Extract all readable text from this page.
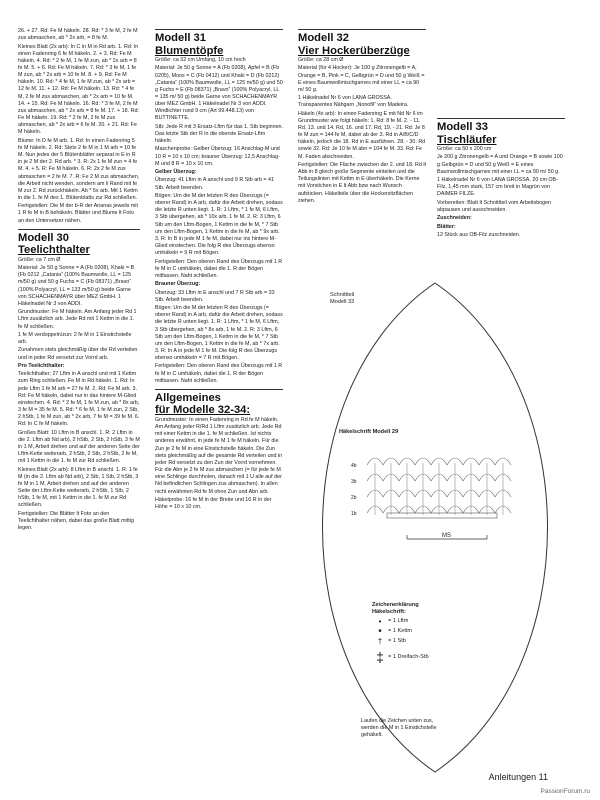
26. + 27. Rd: Fe M häkeln. 28. Rd: * 3 fe M, 2 fe M zus abmaschen, ab * 2x arb, = 8 fe M.

Kleines Blatt (2x arb): In C in M in Rd arb. 1. Rd: In einen Fadenring 6 fe M häkeln. 2. + 3. Rd: Fe M häkeln. 4. Rd: * 2 fe M, 1 fe M zun, ab * 2x arb = 8 fe M. 5. + 6. Rd: Fe M häkeln. 7. Rd: * 3 fe M, 1 fe M zun, ab * 2x arb = 10 fe M. 8. + 9. Rd: Fe M häkeln. 10. Rd: * 4 fe M, 1 fe M zun, ab * 2x arb = 12 fe M. 11. + 12. Rd: Fe M häkeln. 13. Rd: * 4 fe M, 2 fe M zus abmaschen, ab * 2x arb = 10 fe M. 14. + 15. Rd: Fe M häkeln. 16. Rd: * 3 fe M, 2 fe M zus abmaschen, ab * 2x arb = 8 fe M. 17. + 18. Rd: Fe M häkeln. 19. Rd: * 2 fe M, 2 fe M zus abmaschen, ab * 2x arb = 6 fe M. 20. + 21. Rd: Fe M häkeln.

Blume: In D fe M arb. 1. Rd: In einen Fadenring 5 fe M häkeln. 2. Rd: Stets 2 fe M in 1 M arb = 10 fe M. Nun jedes der 5 Blütenblätter separat in E in R in je 2 M der 2. Rd arb. * 3. R: 2x 1 fe M zun = 4 fe M. 4. + 5. R: Fe M häkeln. 6. R: 2x 2 fe M zus abmaschen = 2 fe M. 7. R: Fe 2 M zus abmaschen, die Arbeit nicht wenden, sondern am li Rand mit fe M zur 2. Rd zurückhäkeln. Ab * 5x arb. Mit 1 Kettm in die 1. fe M des 1. Blütenblatts zur Rd schließen.

Fertigstellen: Die M der b-R der Ananas jeweils mit 1 R fe M in B behäkeln. Blätter und Blume lt Foto an den Untersetzer nähen.

Modell 30
Teelichthalter

Größe: ca 7 cm Ø

Material: Je 50 g Sonne = A (Fb 0208), Khaki = B (Fb 0212 „Catania“ (100% Baumwolle, LL = 125 m/50 g) und 50 g Fuchs = C (Fb 08371) „Bravo“ (100% Polyacryl, LL = 133 m/50 g) beide Garne von SCHACHENMAYR über MEZ GmbH. 1 Häkelnadel Nr 3 von ADDI.

Grundmuster: Fe M häkeln. Am Anfang jeder Rd 1 Lftm zusätzlich arb. Jede Rd mit 1 Kettm in die 1. fe M schließen.

1 fe M verdoppeln/zun: 2 fe M in 1 Einstichstelle arb.

Zunahmen stets gleichmäßig über die Rd verteilen und in jeder Rd versetzt zur Vorrd arb.

Pro Teelichthalter:

Teelichthalter: 27 Lftm in A anschl und mit 1 Kettm zum Ring schließen. Fe M in Rd häkeln. 1. Rd: In jede Lftm 1 fe M arb = 27 fe M. 2. Rd: Fe M arb. 3. Rd: Fe M häkeln, dabei nur in das hintere M-Glied einstechen. 4. Rd: * 2 fe M, 1 fe M zun, ab * 8x arb, 3 fe M = 35 fe M. 5. Rd: * 6 fe M, 1 fe M zun, 2 Stb, 2 hStb, 1 fe M zun, ab * 2x arb, 7 fe M = 39 fe M. 6. Rd: In C fe M häkeln.

Großes Blatt: 10 Lftm in B anschl. 1. R: 2 Lftm in die 2. Lftm ab Nd arb), 2 hStb, 2 Stb, 2 hStb, 3 fe M in 1 M, Arbeit drehen und auf der anderen Seite der Lftm-Kette weiterarb, 2 hStb, 2 Stb, 2 hStb, 2 fe M, mit 1 Kettm in die 1. fe M zur Rd schließen.

Kleines Blatt (2x arb): 8 Lftm in B anschl. 1. R: 1 fe M (in die 2. Lftm ab Nd arb), 2 Stb, 1 Stb, 2 hStb, 3 fe M in 1 M, Arbeit drehen und auf der anderen Seite der Lftm-Kette weiterarb, 2 hStb, 1 Stb, 2 hStb, 1 fe M, mit 1 Kettm in die 1. fe M zur Rd schließen.

Fertigstellen: Die Blätter lt Foto an den Teelichthalter nähen, dabei das große Blatt mittig legen.

Modell 31
Blumentöpfe

Größe: ca 32 cm Umfang, 10 cm hoch

Material: Je 50 g Sonne = A (Fb 0208), Apfel = B (Fb 0205), Moos = C (Fb 0412) und Khaki = D (Fb 0212) „Catania“ (100% Baumwolle, LL = 125 m/50 g) und 50 g Fuchs = E (Fb 08371) „Bravo“ (100% Polyacryl, LL = 135 m/ 50 g) beide Garne von SCHACHENMAYR über MEZ GmbH. 1 Häkelnadel Nr 3 von ADDI. Windlichter rund 9 cm (Art 99.448.13) von BUTTINETTE.

Stb: Jede R mit 3 Ersatz-Lftm für das 1. Stb beginnen. Das letzte Stb der R in die oberste Ersatz-Lftm häkeln.

Maschenprobe: Gelber Überzug: 16 Anschlag-M und 10 R = 10 x 10 cm; brauner Überzug: 12,5 Anschlag-M und 8 R = 10 x 10 cm.

Gelber Überzug:

Überzug: 41 Lftm in A anschl und 9 R Stb arb = 41 Stb. Arbeit beenden.

Bögen: Um die M der letzten R des Überzugs (= oberer Rand) in A arb, dafür die Arbeit drehen, sodass die letzte R unten liegt. 1. R: 1 Lftm, * 1 fe M, 6 Lftm, 3 Stb übergehen, ab * 10x arb, 1 fe M. 2. R: 3 Lftm, 6 Stb um den Lftm-Bogen, 1 Kettm in die fe M, * 7 Stb um den Lftm-Bogen, 1 Kettm in die fe M, ab * 9x arb. 3. R: In B in jede M 1 fe M, dabei nur ins hintere M-Glied einstechen. Die folg R des Überzugs ebenso umhäkeln = 9 R mit Bögen.

Fertigstellen: Den oberen Rand des Überzugs mit 1 R fe M in C umhäkeln, dabei die 1. R der Bögen mitfassen. Naht schließen.

Brauner Überzug:

Überzug: 33 Lftm in E anschl und 7 R Stb arb = 33 Stb. Arbeit beenden.

Bögen: Um die M der letzten R des Überzugs (= oberer Rand) in A arb, dafür die Arbeit drehen, sodass die letzte R unten liegt. 1. R: 1 Lftm, * 1 fe M, 6 Lftm, 3 Stb übergehen, ab * 8x arb, 1 fe M. 2. R: 3 Lftm, 6 Stb um den Lftm-Bogen, 1 Kettm in die fe M, * 7 Stb um den Lftm-Bogen, 1 Kettm in die fe M, ab * 7x arb. 3. R: In A in jede M 1 fe M. Die folg R des Überzugs ebenso umhäkeln = 7 R mit Bögen.

Fertigstellen: Den oberen Rand des Überzugs mit 1 R fe M in C umhäkeln, dabei die 1. R der Bögen mitfassen. Naht schließen.

Allgemeines
für Modelle 32-34:

Grundmuster: In einen Fadenring in Rd fe M häkeln. Am Anfang jeder R/Rd 1 Lftm zusätzlich arb. Jede Rd mit einer Kettm in die 1. fe M schließen. Ist nichts anderes erwähnt, in jede fe M 1 fe M häkeln. Für die Zun je 2 fe M in eine Einstichstelle häkeln. Die Zun stets gleichmäßig auf die gesamte Rd verteilen und in jeder Rd versetzt zu den Zun der Vorrd vornehmen. Für die Abn je 2 fe M zus abmaschen (= für jede fe M eine Schlinge durchholen, danach mit 1 U alle auf der Nd befindlichen Schlingen zus abmaschen). In allen nicht erwähnten Rd fe M ohne Zun und Abn arb.

Häkelprobe: 16 fe M in der Breite und 16 R in der Höhe = 10 x 10 cm.

Modell 32
Vier Hockerüberzüge

Größe: ca 28 cm Ø

Material (für 4 Hocker): Je 100 g Zitronengelb = A, Orange = B, Pink = C, Gelbgrün = D und 50 g Weiß = E eines Baumwollmischgarnes mit einer LL = ca 90 m/ 50 g.

1 Häkelnadel Nr 6 von LANA GROSSA. Transparentes Nähgarn „Nonofil“ von Madeira.

Häkeln (4x arb): In einen Fadenring E mit Nd Nr 6 im Grundmuster wie folgt häkeln: 1. Rd: 8 fe M. 2. - 11. Rd, 13. und 14. Rd, 16. und 17. Rd, 19. - 21. Rd: Je 8 fe M zun = 144 fe M, dabei ab der 3. Rd in A/B/C/D häkeln, jedoch die 18. Rd in E ausführen. 28. - 30. Rd sowie 32. Rd: Je 10 fe M abn = 104 fe M. 33. Rd: Fe M. Faden abschneiden.

Fertigstellen: Die Fläche zwischen der 2. und 18. Rd lt Abb in 8 gleich große Segmente einteilen und die Teilungslinien mit Kettm in E überhäkeln. Die Kerne mit Vorstichen in E lt Abb bzw nach Wunsch aufsticken. Häkelteile über die Hockersitzflächen ziehen.

Modell 33
Tischläufer

Größe: ca 50 x 200 cm

Je 200 g Zitronengelb = A und Orange = B sowie 100 g Gelbgrün = D und 50 g Weiß = E eines Baumwollmischgarnes mit einer LL = ca 90 m/ 50 g.

1 Häkelnadel Nr 6 von LANA GROSSA. 20 cm OB-Filz, 1,45 mm stark, 157 cm breit in Magrün von DAIMER FILZE.

Vorbereiten: Blatt lt Schnittteil vom Arbeitsbogen abpausen und ausschneiden.

Zuschneiden:

Blätter:

12 Stück aus OB-Filz zuschneiden.

4b
3b
2b
1b
MS
Schnittteil
Modell 33
Häkelschrift Modell 29
Zeichenerklärung
Häkelschrift:
•	= 1 Lftm
•	= 1 Kettm
†	= 1 Stb
‡ = 1 Dreifach-Stb
Laufen die Zeichen unten zus, werden die M in 1 Einstichstelle gehäkelt.
Anleitungen 11
PassionForum.ru
